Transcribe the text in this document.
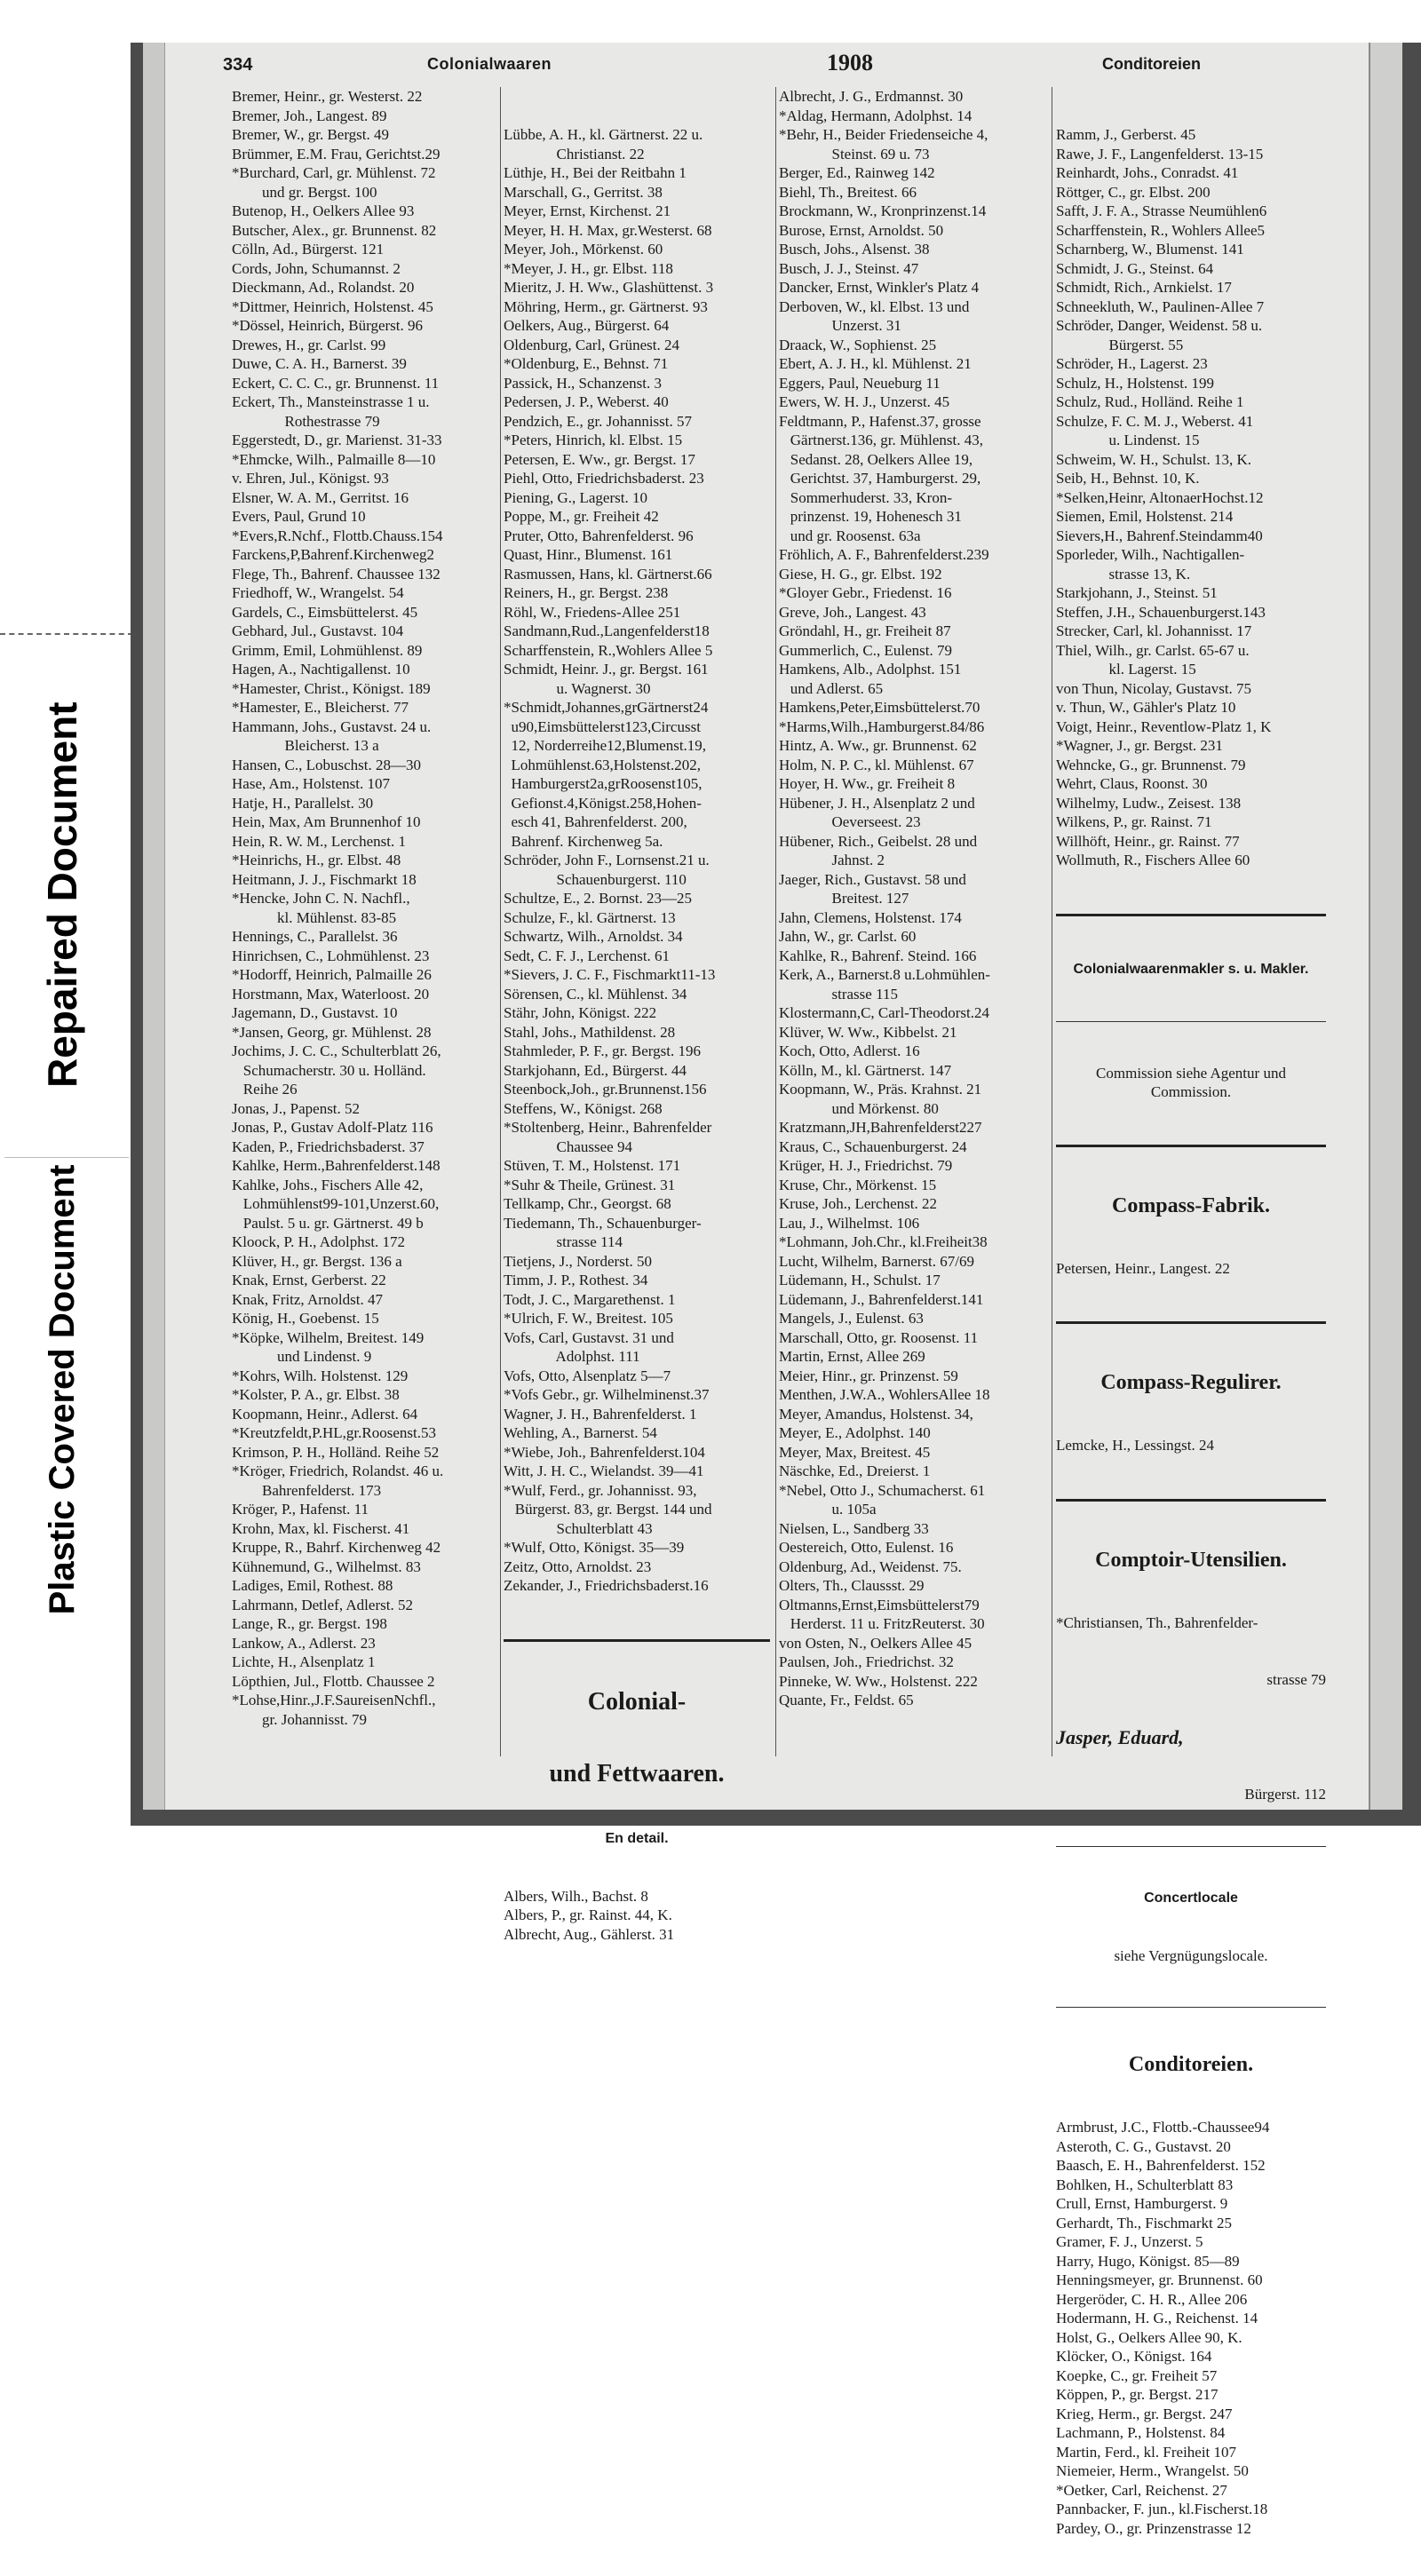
Repaired Document
Plastic Covered Document
334	Colonialwaaren	1908	Conditoreien
Bremer, Heinr., gr. Westerst. 22
Bremer, Joh., Langest. 89
Bremer, W., gr. Bergst. 49
Brümmer, E.M. Frau, Gerichtst.29
*Burchard, Carl, gr. Mühlenst. 72
und gr. Bergst. 100
Butenop, H., Oelkers Allee 93
Butscher, Alex., gr. Brunnenst. 82
Cölln, Ad., Bürgerst. 121
Cords, John, Schumannst. 2
Dieckmann, Ad., Rolandst. 20
*Dittmer, Heinrich, Holstenst. 45
*Dössel, Heinrich, Bürgerst. 96
Drewes, H., gr. Carlst. 99
Duwe, C. A. H., Barnerst. 39
Eckert, C. C. C., gr. Brunnenst. 11
Eckert, Th., Mansteinstrasse 1 u.
Rothestrasse 79
Eggerstedt, D., gr. Marienst. 31-33
*Ehmcke, Wilh., Palmaille 8—10
v. Ehren, Jul., Königst. 93
Elsner, W. A. M., Gerritst. 16
Evers, Paul, Grund 10
*Evers,R.Nchf., Flottb.Chauss.154
Farckens,P,Bahrenf.Kirchenweg2
Flege, Th., Bahrenf. Chaussee 132
Friedhoff, W., Wrangelst. 54
Gardels, C., Eimsbüttelerst. 45
Gebhard, Jul., Gustavst. 104
Grimm, Emil, Lohmühlenst. 89
Hagen, A., Nachtigallenst. 10
*Hamester, Christ., Königst. 189
*Hamester, E., Bleicherst. 77
Hammann, Johs., Gustavst. 24 u.
Bleicherst. 13 a
Hansen, C., Lobuschst. 28—30
Hase, Am., Holstenst. 107
Hatje, H., Parallelst. 30
Hein, Max, Am Brunnenhof 10
Hein, R. W. M., Lerchenst. 1
*Heinrichs, H., gr. Elbst. 48
Heitmann, J. J., Fischmarkt 18
*Hencke, John C. N. Nachfl.,
kl. Mühlenst. 83-85
Hennings, C., Parallelst. 36
Hinrichsen, C., Lohmühlenst. 23
*Hodorff, Heinrich, Palmaille 26
Horstmann, Max, Waterloost. 20
Jagemann, D., Gustavst. 10
*Jansen, Georg, gr. Mühlenst. 28
Jochims, J. C. C., Schulterblatt 26,
Schumacherstr. 30 u. Holländ.
Reihe 26
Jonas, J., Papenst. 52
Jonas, P., Gustav Adolf-Platz 116
Kaden, P., Friedrichsbaderst. 37
Kahlke, Herm.,Bahrenfelderst.148
Kahlke, Johs., Fischers Alle 42,
Lohmühlenst99-101,Unzerst.60,
Paulst. 5 u. gr. Gärtnerst. 49 b
Kloock, P. H., Adolphst. 172
Klüver, H., gr. Bergst. 136 a
Knak, Ernst, Gerberst. 22
Knak, Fritz, Arnoldst. 47
König, H., Goebenst. 15
*Köpke, Wilhelm, Breitest. 149
und Lindenst. 9
*Kohrs, Wilh. Holstenst. 129
*Kolster, P. A., gr. Elbst. 38
Koopmann, Heinr., Adlerst. 64
*Kreutzfeldt,P.HL,gr.Roosenst.53
Krimson, P. H., Holländ. Reihe 52
*Kröger, Friedrich, Rolandst. 46 u.
Bahrenfelderst. 173
Kröger, P., Hafenst. 11
Krohn, Max, kl. Fischerst. 41
Kruppe, R., Bahrf. Kirchenweg 42
Kühnemund, G., Wilhelmst. 83
Ladiges, Emil, Rothest. 88
Lahrmann, Detlef, Adlerst. 52
Lange, R., gr. Bergst. 198
Lankow, A., Adlerst. 23
Lichte, H., Alsenplatz 1
Löpthien, Jul., Flottb. Chaussee 2
*Lohse,Hinr.,J.F.SaureisenNchfl.,
gr. Johannisst. 79

Lübbe, A. H., kl. Gärtnerst. 22 u.
Christianst. 22
Lüthje, H., Bei der Reitbahn 1
Marschall, G., Gerritst. 38
Meyer, Ernst, Kirchenst. 21
Meyer, H. H. Max, gr.Westerst. 68
Meyer, Joh., Mörkenst. 60
*Meyer, J. H., gr. Elbst. 118
Mieritz, J. H. Ww., Glashüttenst. 3
Möhring, Herm., gr. Gärtnerst. 93
Oelkers, Aug., Bürgerst. 64
Oldenburg, Carl, Grünest. 24
*Oldenburg, E., Behnst. 71
Passick, H., Schanzenst. 3
Pedersen, J. P., Weberst. 40
Pendzich, E., gr. Johannisst. 57
*Peters, Hinrich, kl. Elbst. 15
Petersen, E. Ww., gr. Bergst. 17
Piehl, Otto, Friedrichsbaderst. 23
Piening, G., Lagerst. 10
Poppe, M., gr. Freiheit 42
Pruter, Otto, Bahrenfelderst. 96
Quast, Hinr., Blumenst. 161
Rasmussen, Hans, kl. Gärtnerst.66
Reiners, H., gr. Bergst. 238
Röhl, W., Friedens-Allee 251
Sandmann,Rud.,Langenfelderst18
Scharffenstein, R.,Wohlers Allee 5
Schmidt, Heinr. J., gr. Bergst. 161
u. Wagnerst. 30
*Schmidt,Johannes,grGärtnerst24
u90,Eimsbüttelerst123,Circusst
12, Norderreihe12,Blumenst.19,
Lohmühlenst.63,Holstenst.202,
Hamburgerst2a,grRoosenst105,
Gefionst.4,Königst.258,Hohen-
esch 41, Bahrenfelderst. 200,
Bahrenf. Kirchenweg 5a.
Schröder, John F., Lornsenst.21 u.
Schauenburgerst. 110
Schultze, E., 2. Bornst. 23—25
Schulze, F., kl. Gärtnerst. 13
Schwartz, Wilh., Arnoldst. 34
Sedt, C. F. J., Lerchenst. 61
*Sievers, J. C. F., Fischmarkt11-13
Sörensen, C., kl. Mühlenst. 34
Stähr, John, Königst. 222
Stahl, Johs., Mathildenst. 28
Stahmleder, P. F., gr. Bergst. 196
Starkjohann, Ed., Bürgerst. 44
Steenbock,Joh., gr.Brunnenst.156
Steffens, W., Königst. 268
*Stoltenberg, Heinr., Bahrenfelder
Chaussee 94
Stüven, T. M., Holstenst. 171
*Suhr & Theile, Grünest. 31
Tellkamp, Chr., Georgst. 68
Tiedemann, Th., Schauenburger-
strasse 114
Tietjens, J., Norderst. 50
Timm, J. P., Rothest. 34
Todt, J. C., Margarethenst. 1
*Ulrich, F. W., Breitest. 105
Vofs, Carl, Gustavst. 31 und
Adolphst. 111
Vofs, Otto, Alsenplatz 5—7
*Vofs Gebr., gr. Wilhelminenst.37
Wagner, J. H., Bahrenfelderst. 1
Wehling, A., Barnerst. 54
*Wiebe, Joh., Bahrenfelderst.104
Witt, J. H. C., Wielandst. 39—41
*Wulf, Ferd., gr. Johannisst. 93,
Bürgerst. 83, gr. Bergst. 144 und
Schulterblatt 43
*Wulf, Otto, Königst. 35—39
Zeitz, Otto, Arnoldst. 23
Zekander, J., Friedrichsbaderst.16

Colonial-

und Fettwaaren.

En detail.

Albers, Wilh., Bachst. 8
Albers, P., gr. Rainst. 44, K.
Albrecht, Aug., Gählerst. 31

Albrecht, J. G., Erdmannst. 30
*Aldag, Hermann, Adolphst. 14
*Behr, H., Beider Friedenseiche 4,
Steinst. 69 u. 73
Berger, Ed., Rainweg 142
Biehl, Th., Breitest. 66
Brockmann, W., Kronprinzenst.14
Burose, Ernst, Arnoldst. 50
Busch, Johs., Alsenst. 38
Busch, J. J., Steinst. 47
Dancker, Ernst, Winkler's Platz 4
Derboven, W., kl. Elbst. 13 und
Unzerst. 31
Draack, W., Sophienst. 25
Ebert, A. J. H., kl. Mühlenst. 21
Eggers, Paul, Neueburg 11
Ewers, W. H. J., Unzerst. 45
Feldtmann, P., Hafenst.37, grosse
Gärtnerst.136, gr. Mühlenst. 43,
Sedanst. 28, Oelkers Allee 19,
Gerichtst. 37, Hamburgerst. 29,
Sommerhuderst. 33, Kron-
prinzenst. 19, Hohenesch 31
und gr. Roosenst. 63a
Fröhlich, A. F., Bahrenfelderst.239
Giese, H. G., gr. Elbst. 192
*Gloyer Gebr., Friedenst. 16
Greve, Joh., Langest. 43
Gröndahl, H., gr. Freiheit 87
Gummerlich, C., Eulenst. 79
Hamkens, Alb., Adolphst. 151
und Adlerst. 65
Hamkens,Peter,Eimsbüttelerst.70
*Harms,Wilh.,Hamburgerst.84/86
Hintz, A. Ww., gr. Brunnenst. 62
Holm, N. P. C., kl. Mühlenst. 67
Hoyer, H. Ww., gr. Freiheit 8
Hübener, J. H., Alsenplatz 2 und
Oeverseest. 23
Hübener, Rich., Geibelst. 28 und
Jahnst. 2
Jaeger, Rich., Gustavst. 58 und
Breitest. 127
Jahn, Clemens, Holstenst. 174
Jahn, W., gr. Carlst. 60
Kahlke, R., Bahrenf. Steind. 166
Kerk, A., Barnerst.8 u.Lohmühlen-
strasse 115
Klostermann,C, Carl-Theodorst.24
Klüver, W. Ww., Kibbelst. 21
Koch, Otto, Adlerst. 16
Kölln, M., kl. Gärtnerst. 147
Koopmann, W., Präs. Krahnst. 21
und Mörkenst. 80
Kratzmann,JH,Bahrenfelderst227
Kraus, C., Schauenburgerst. 24
Krüger, H. J., Friedrichst. 79
Kruse, Chr., Mörkenst. 15
Kruse, Joh., Lerchenst. 22
Lau, J., Wilhelmst. 106
*Lohmann, Joh.Chr., kl.Freiheit38
Lucht, Wilhelm, Barnerst. 67/69
Lüdemann, H., Schulst. 17
Lüdemann, J., Bahrenfelderst.141
Mangels, J., Eulenst. 63
Marschall, Otto, gr. Roosenst. 11
Martin, Ernst, Allee 269
Meier, Hinr., gr. Prinzenst. 59
Menthen, J.W.A., WohlersAllee 18
Meyer, Amandus, Holstenst. 34,
Meyer, E., Adolphst. 140
Meyer, Max, Breitest. 45
Näschke, Ed., Dreierst. 1
*Nebel, Otto J., Schumacherst. 61
u. 105a
Nielsen, L., Sandberg 33
Oestereich, Otto, Eulenst. 16
Oldenburg, Ad., Weidenst. 75.
Olters, Th., Claussst. 29
Oltmanns,Ernst,Eimsbüttelerst79
Herderst. 11 u. FritzReuterst. 30
von Osten, N., Oelkers Allee 45
Paulsen, Joh., Friedrichst. 32
Pinneke, W. Ww., Holstenst. 222
Quante, Fr., Feldst. 65

Ramm, J., Gerberst. 45
Rawe, J. F., Langenfelderst. 13-15
Reinhardt, Johs., Conradst. 41
Röttger, C., gr. Elbst. 200
Safft, J. F. A., Strasse Neumühlen6
Scharffenstein, R., Wohlers Allee5
Scharnberg, W., Blumenst. 141
Schmidt, J. G., Steinst. 64
Schmidt, Rich., Arnkielst. 17
Schneekluth, W., Paulinen-Allee 7
Schröder, Danger, Weidenst. 58 u.
Bürgerst. 55
Schröder, H., Lagerst. 23
Schulz, H., Holstenst. 199
Schulz, Rud., Holländ. Reihe 1
Schulze, F. C. M. J., Weberst. 41
u. Lindenst. 15
Schweim, W. H., Schulst. 13, K.
Seib, H., Behnst. 10, K.
*Selken,Heinr, AltonaerHochst.12
Siemen, Emil, Holstenst. 214
Sievers,H., Bahrenf.Steindamm40
Sporleder, Wilh., Nachtigallen-
strasse 13, K.
Starkjohann, J., Steinst. 51
Steffen, J.H., Schauenburgerst.143
Strecker, Carl, kl. Johannisst. 17
Thiel, Wilh., gr. Carlst. 65-67 u.
kl. Lagerst. 15
von Thun, Nicolay, Gustavst. 75
v. Thun, W., Gähler's Platz 10
Voigt, Heinr., Reventlow-Platz 1, K
*Wagner, J., gr. Bergst. 231
Wehncke, G., gr. Brunnenst. 79
Wehrt, Claus, Roonst. 30
Wilhelmy, Ludw., Zeisest. 138
Wilkens, P., gr. Rainst. 71
Willhöft, Heinr., gr. Rainst. 77
Wollmuth, R., Fischers Allee 60

Colonialwaarenmakler s. u. Makler.

Commission siehe Agentur und Commission.

Compass-Fabrik.

Petersen, Heinr., Langest. 22

Compass-Regulirer.

Lemcke, H., Lessingst. 24

Comptoir-Utensilien.

*Christiansen, Th., Bahrenfelder-

strasse 79

Jasper, Eduard,

Bürgerst. 112

Concertlocale

siehe Vergnügungslocale.

Conditoreien.

Armbrust, J.C., Flottb.-Chaussee94
Asteroth, C. G., Gustavst. 20
Baasch, E. H., Bahrenfelderst. 152
Bohlken, H., Schulterblatt 83
Crull, Ernst, Hamburgerst. 9
Gerhardt, Th., Fischmarkt 25
Gramer, F. J., Unzerst. 5
Harry, Hugo, Königst. 85—89
Henningsmeyer, gr. Brunnenst. 60
Hergeröder, C. H. R., Allee 206
Hodermann, H. G., Reichenst. 14
Holst, G., Oelkers Allee 90, K.
Klöcker, O., Königst. 164
Koepke, C., gr. Freiheit 57
Köppen, P., gr. Bergst. 217
Krieg, Herm., gr. Bergst. 247
Lachmann, P., Holstenst. 84
Martin, Ferd., kl. Freiheit 107
Niemeier, Herm., Wrangelst. 50
*Oetker, Carl, Reichenst. 27
Pannbacker, F. jun., kl.Fischerst.18
Pardey, O., gr. Prinzenstrasse 12
